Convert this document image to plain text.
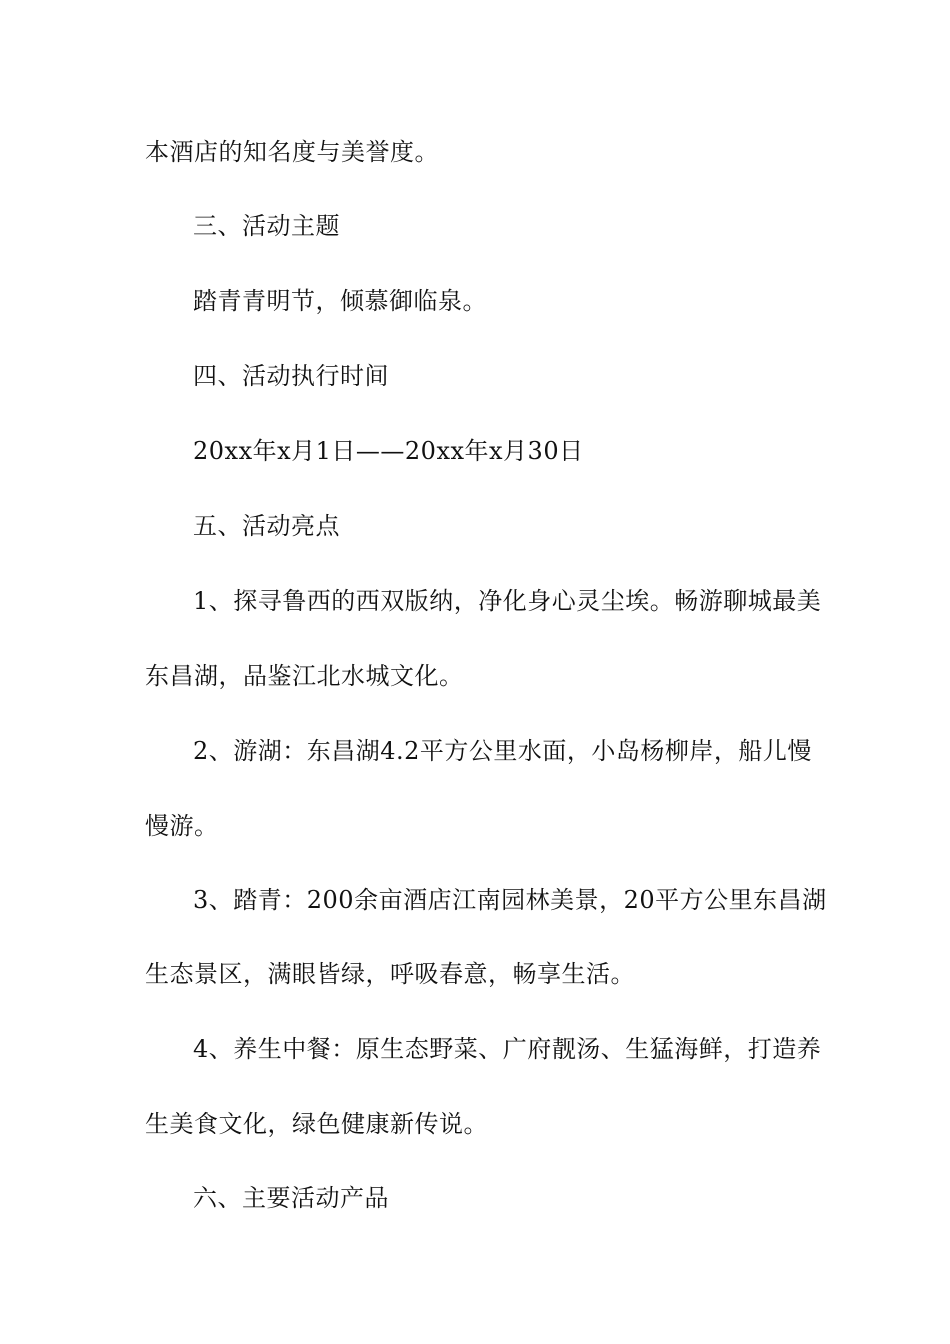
本酒店的知名度与美誉度。
三、活动主题
踏青青明节，倾慕御临泉。
四、活动执行时间
20xx年x月1日——20xx年x月30日
五、活动亮点
1、探寻鲁西的西双版纳，净化身心灵尘埃。畅游聊城最美
东昌湖，品鉴江北水城文化。
2、游湖：东昌湖4.2平方公里水面，小岛杨柳岸，船儿慢
慢游。
3、踏青：200余亩酒店江南园林美景，20平方公里东昌湖
生态景区，满眼皆绿，呼吸春意，畅享生活。
4、养生中餐：原生态野菜、广府靓汤、生猛海鲜，打造养
生美食文化，绿色健康新传说。
六、主要活动产品
